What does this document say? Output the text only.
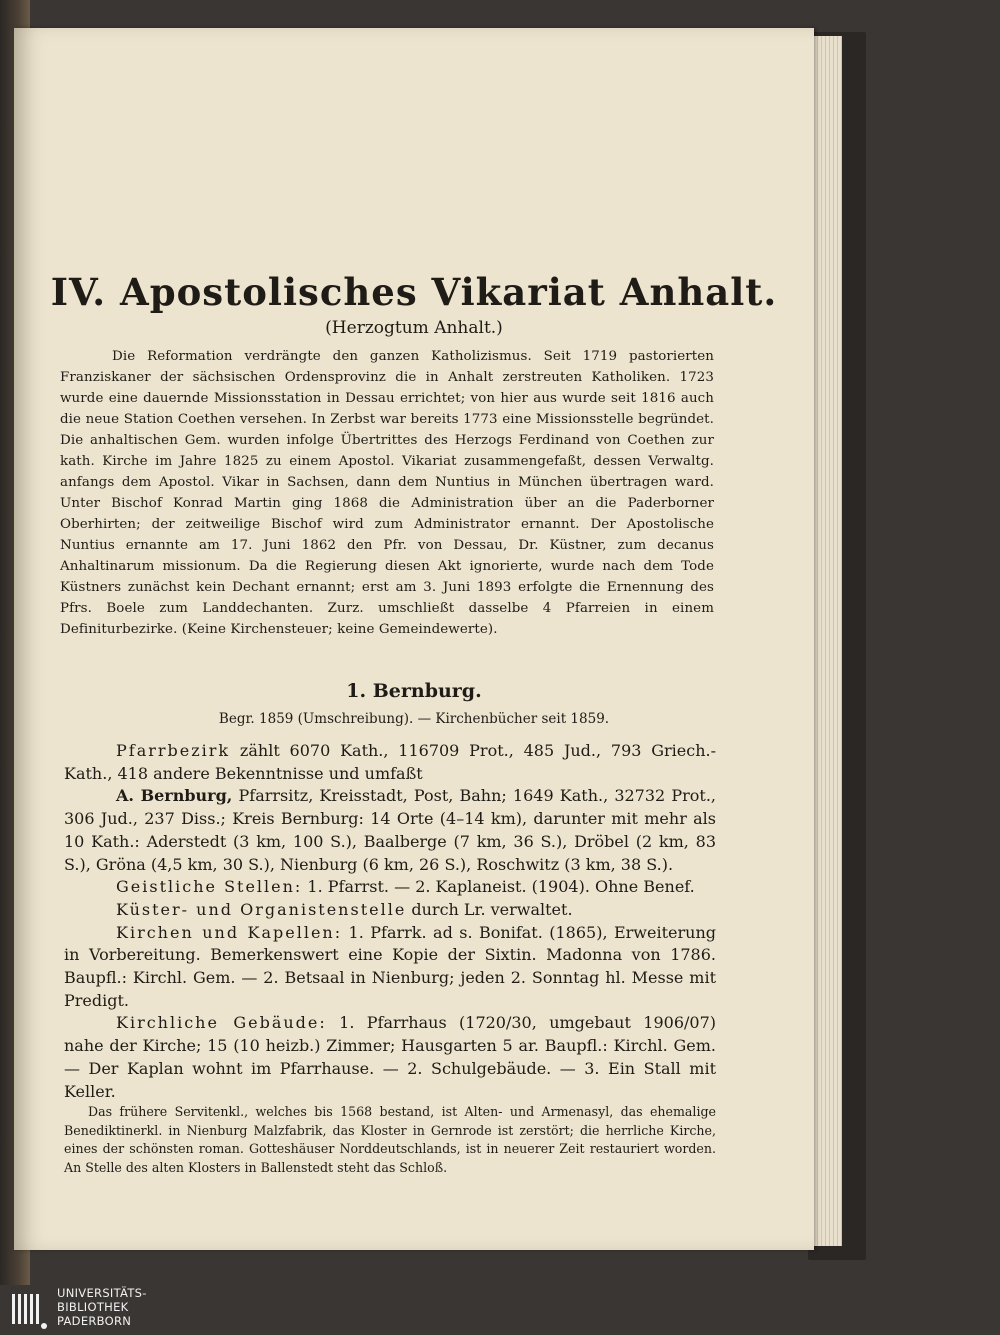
IV. Apostolisches Vikariat Anhalt.
(Herzogtum Anhalt.)

Die Reformation verdrängte den ganzen Katholizismus. Seit 1719 pastorierten Franziskaner der sächsischen Ordensprovinz die in Anhalt zerstreuten Katholiken. 1723 wurde eine dauernde Missionsstation in Dessau errichtet; von hier aus wurde seit 1816 auch die neue Station Coethen versehen. In Zerbst war bereits 1773 eine Missionsstelle begründet. Die anhaltischen Gem. wurden infolge Übertrittes des Herzogs Ferdinand von Coethen zur kath. Kirche im Jahre 1825 zu einem Apostol. Vikariat zusammengefaßt, dessen Verwaltg. anfangs dem Apostol. Vikar in Sachsen, dann dem Nuntius in München übertragen ward. Unter Bischof Konrad Martin ging 1868 die Administration über an die Paderborner Oberhirten; der zeitweilige Bischof wird zum Administrator ernannt. Der Apostolische Nuntius ernannte am 17. Juni 1862 den Pfr. von Dessau, Dr. Küstner, zum decanus Anhaltinarum missionum. Da die Regierung diesen Akt ignorierte, wurde nach dem Tode Küstners zunächst kein Dechant ernannt; erst am 3. Juni 1893 erfolgte die Ernennung des Pfrs. Boele zum Landdechanten. Zurz. umschließt dasselbe 4 Pfarreien in einem Definiturbezirke. (Keine Kirchensteuer; keine Gemeindewerte).

1. Bernburg.
Begr. 1859 (Umschreibung). — Kirchenbücher seit 1859.

Pfarrbezirk zählt 6070 Kath., 116709 Prot., 485 Jud., 793 Griech.-Kath., 418 andere Bekenntnisse und umfaßt

A. Bernburg, Pfarrsitz, Kreisstadt, Post, Bahn; 1649 Kath., 32732 Prot., 306 Jud., 237 Diss.; Kreis Bernburg: 14 Orte (4–14 km), darunter mit mehr als 10 Kath.: Aderstedt (3 km, 100 S.), Baalberge (7 km, 36 S.), Dröbel (2 km, 83 S.), Gröna (4,5 km, 30 S.), Nienburg (6 km, 26 S.), Roschwitz (3 km, 38 S.).

Geistliche Stellen: 1. Pfarrst. — 2. Kaplaneist. (1904). Ohne Benef.

Küster- und Organistenstelle durch Lr. verwaltet.

Kirchen und Kapellen: 1. Pfarrk. ad s. Bonifat. (1865), Erweiterung in Vorbereitung. Bemerkenswert eine Kopie der Sixtin. Madonna von 1786. Baupfl.: Kirchl. Gem. — 2. Betsaal in Nienburg; jeden 2. Sonntag hl. Messe mit Predigt.

Kirchliche Gebäude: 1. Pfarrhaus (1720/30, umgebaut 1906/07) nahe der Kirche; 15 (10 heizb.) Zimmer; Hausgarten 5 ar. Baupfl.: Kirchl. Gem. — Der Kaplan wohnt im Pfarrhause. — 2. Schulgebäude. — 3. Ein Stall mit Keller.

Das frühere Servitenkl., welches bis 1568 bestand, ist Alten- und Armenasyl, das ehemalige Benediktinerkl. in Nienburg Malzfabrik, das Kloster in Gernrode ist zerstört; die herrliche Kirche, eines der schönsten roman. Gotteshäuser Norddeutschlands, ist in neuerer Zeit restauriert worden. An Stelle des alten Klosters in Ballenstedt steht das Schloß.

UNIVERSITÄTS-
BIBLIOTHEK
PADERBORN
